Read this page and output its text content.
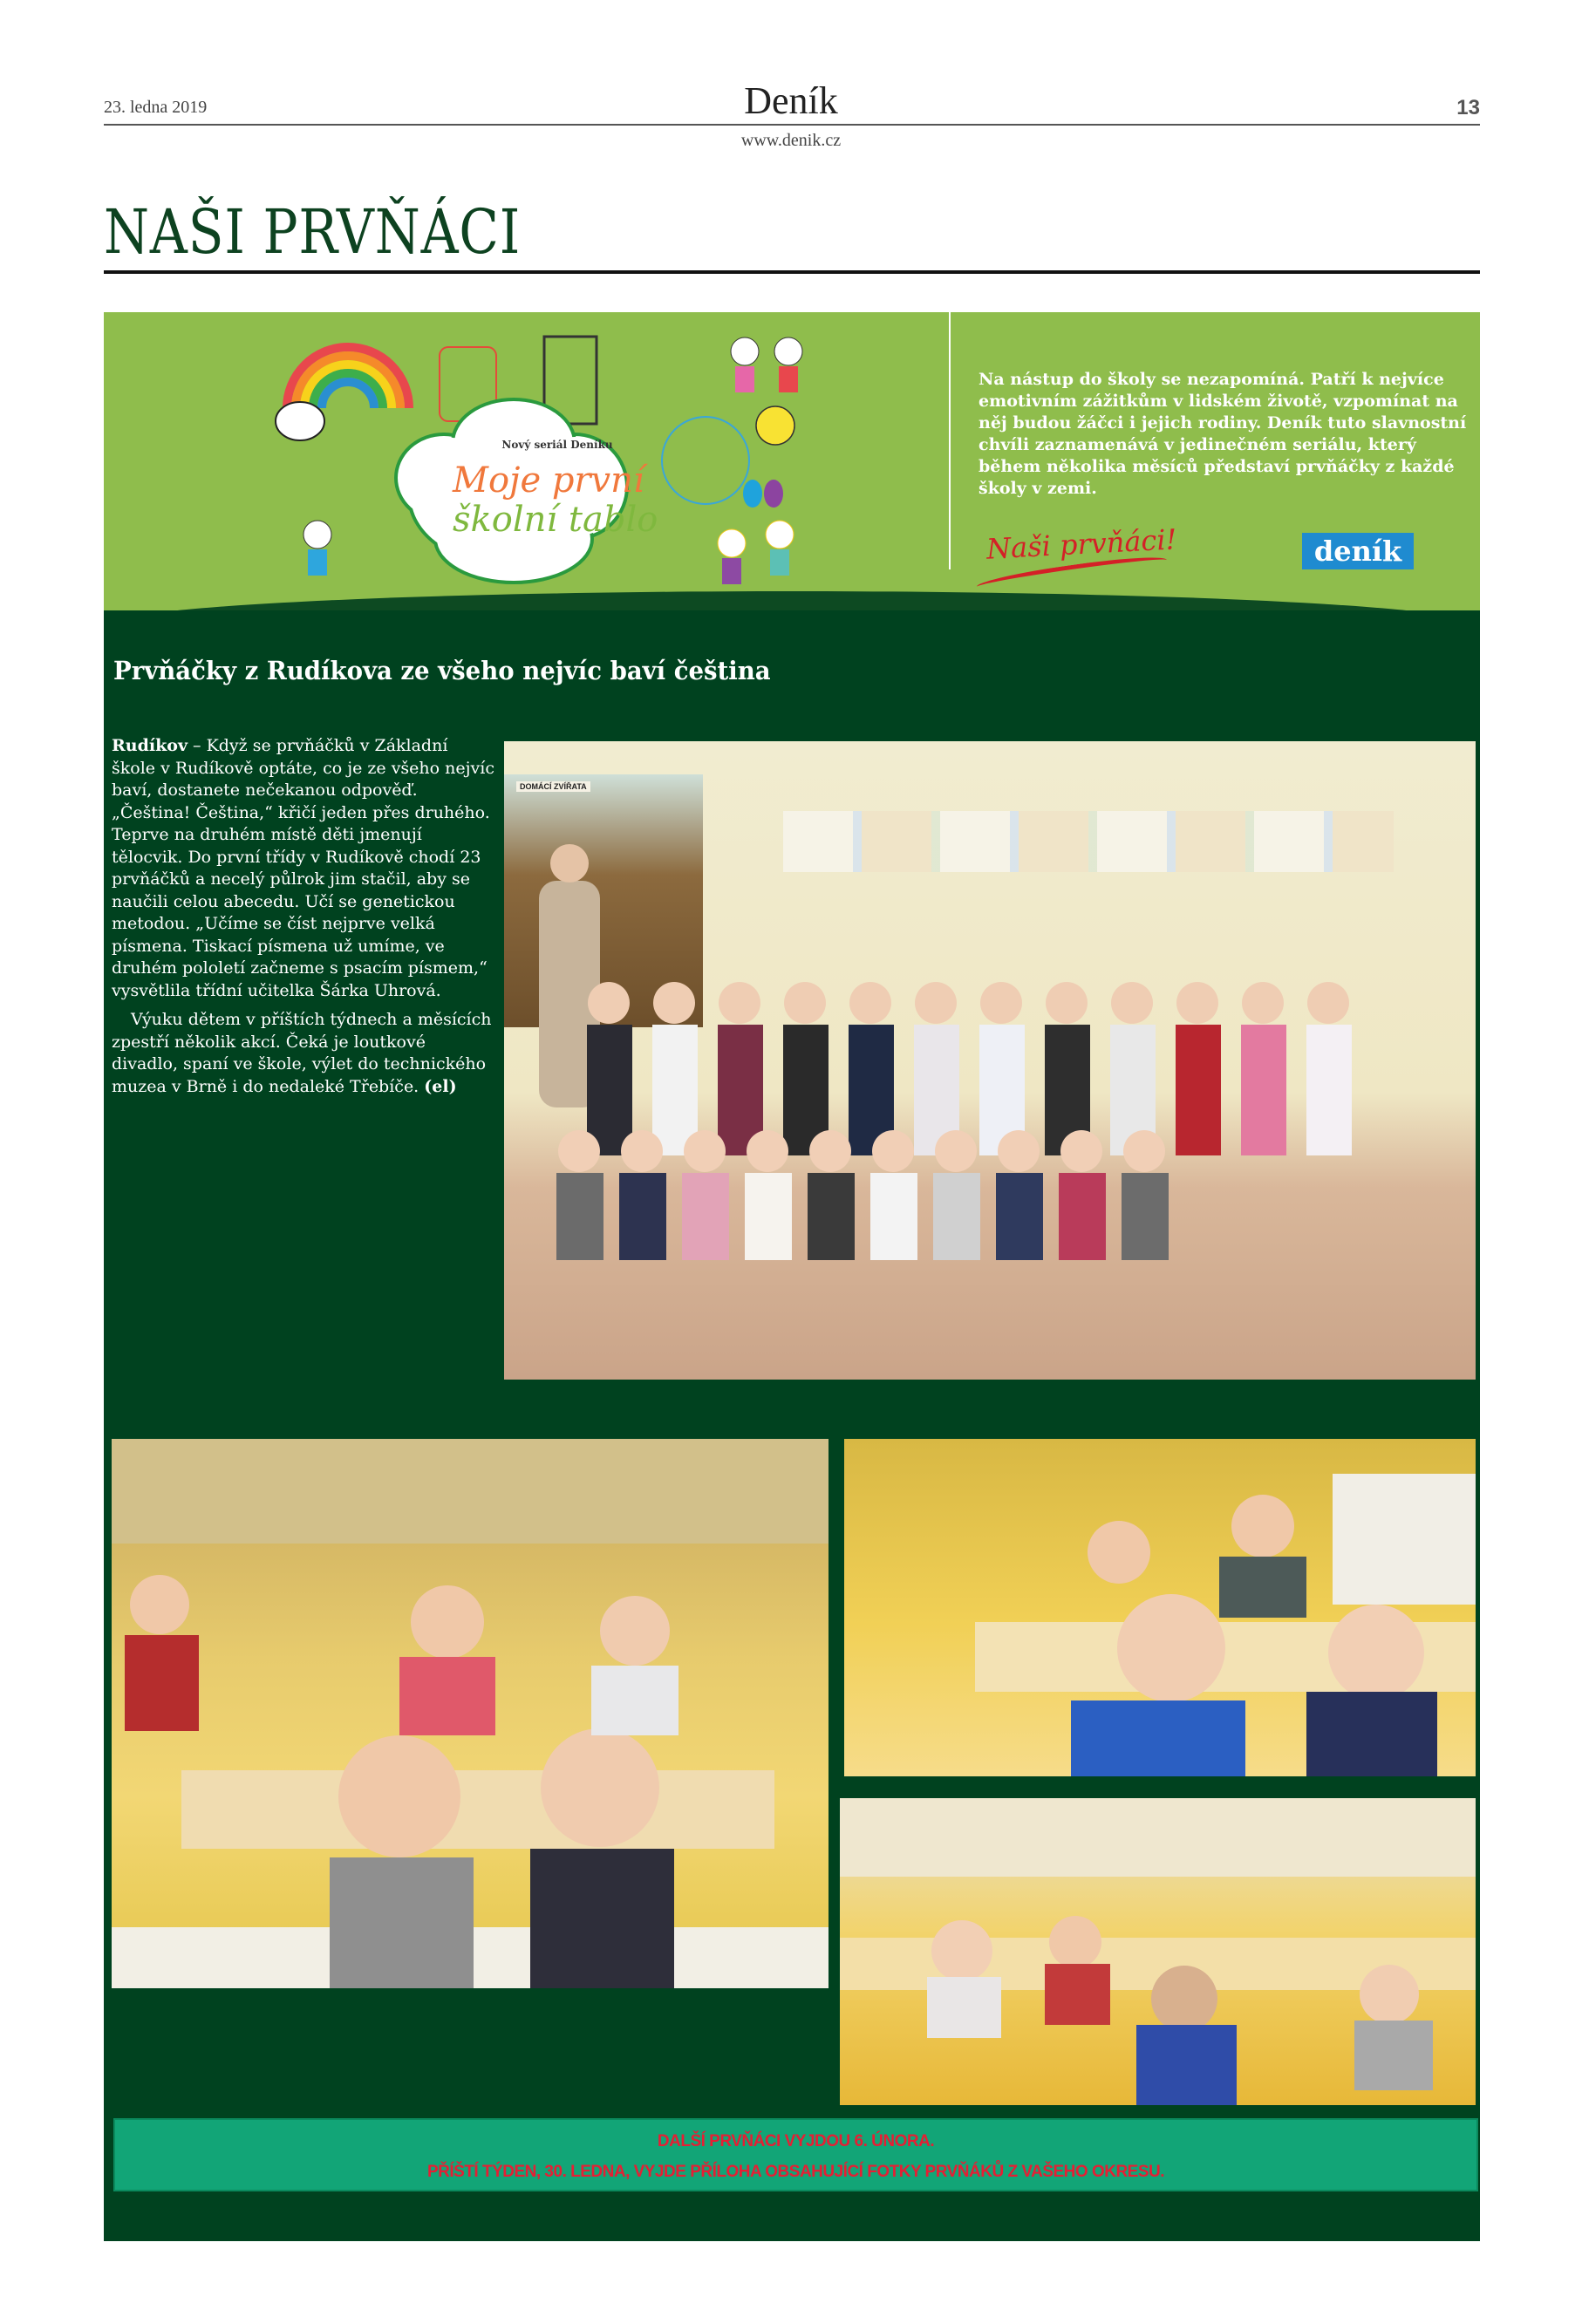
23. ledna 2019	Deník	13
www.denik.cz
NAŠI PRVŇÁCI
Nový seriál Deníku
Moje první
školní tablo
Na nástup do školy se nezapomíná. Patří k nejvíce emotivním zážitkům v lidském životě, vzpomínat na něj budou žáčci i jejich rodiny. Deník tuto slavnostní chvíli zaznamenává v jedinečném seriálu, který během několika měsíců představí prvňáčky z každé školy v zemi.
Naši prvňáci!	deník
Prvňáčky z Rudíkova ze všeho nejvíc baví čeština

Rudíkov – Když se prvňáčků v Základní škole v Rudíkově optáte, co je ze všeho nejvíc baví, dostanete nečekanou odpověď. „Čeština! Čeština,“ křičí jeden přes druhého. Teprve na druhém místě děti jmenují tělocvik. Do první třídy v Rudíkově chodí 23 prvňáčků a necelý půlrok jim stačil, aby se naučili celou abecedu. Učí se genetickou metodou. „Učíme se číst nejprve velká písmena. Tiskací písmena už umíme, ve druhém pololetí začneme s psacím písmem,“ vysvětlila třídní učitelka Šárka Uhrová.

Výuku dětem v příštích týdnech a měsících zpestří několik akcí. Čeká je loutkové divadlo, spaní ve škole, výlet do technického muzea v Brně i do nedaleké Třebíče. (el)

DOMÁCÍ ZVÍŘATA
DALŠÍ PRVŇÁCI VYJDOU 6. ÚNORA.
PŘÍŠTÍ TÝDEN, 30. LEDNA, VYJDE PŘÍLOHA OBSAHUJÍCÍ FOTKY PRVŇÁKŮ Z VAŠEHO OKRESU.
